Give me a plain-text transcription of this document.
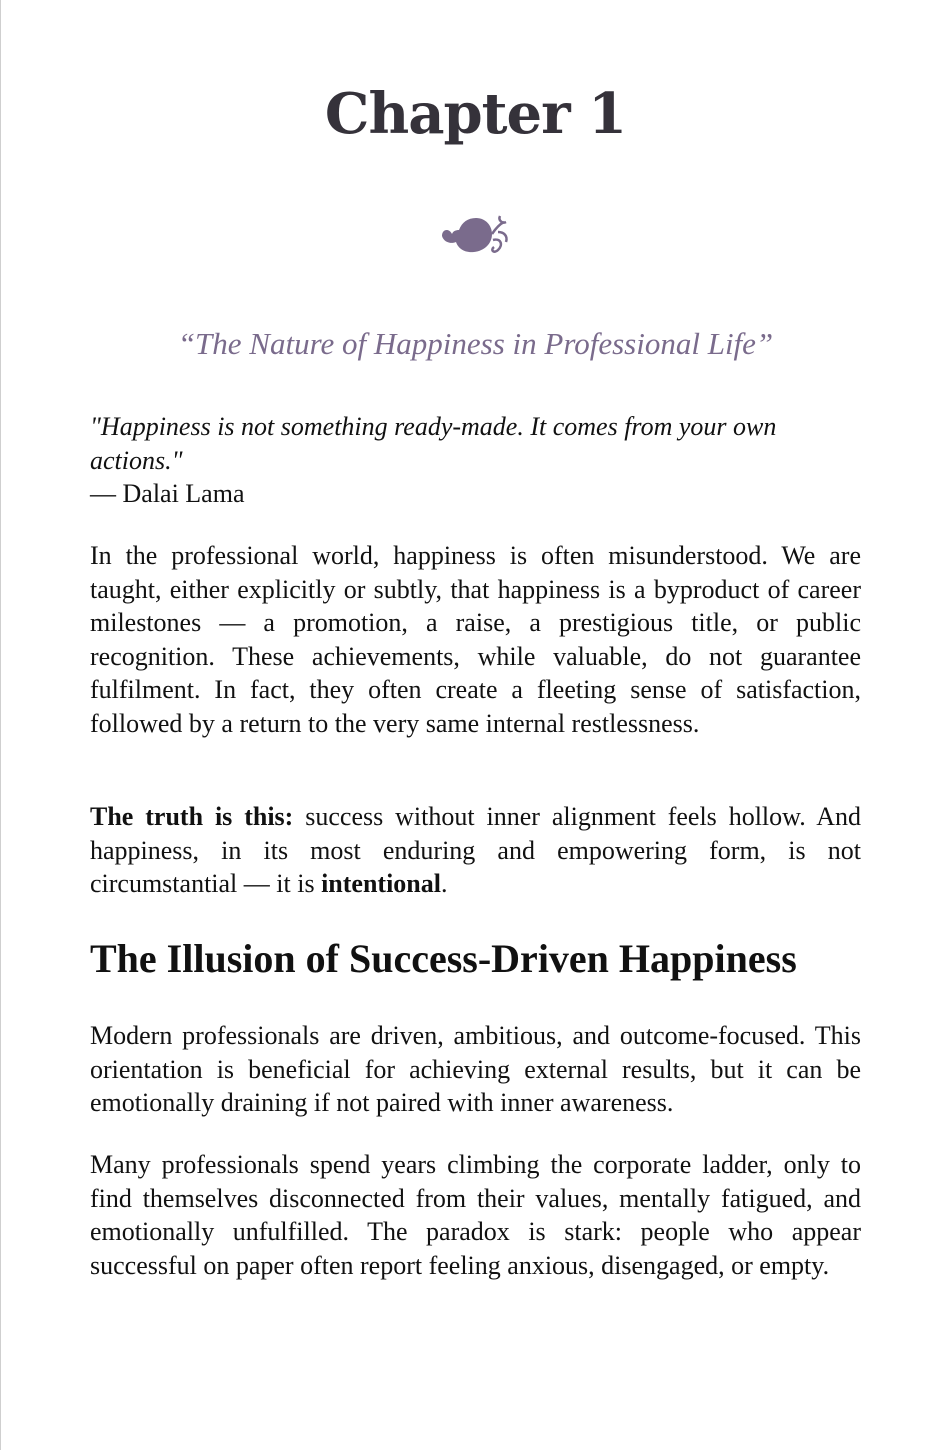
Chapter 1

“The Nature of Happiness in Professional Life”

"Happiness is not something ready-made. It comes from your own actions."
— Dalai Lama

In the professional world, happiness is often misunderstood. We are taught, either explicitly or subtly, that happiness is a byproduct of career milestones — a promotion, a raise, a prestigious title, or public recognition. These achievements, while valuable, do not guarantee fulfilment. In fact, they often create a fleeting sense of satisfaction, followed by a return to the very same internal restlessness.

The truth is this: success without inner alignment feels hollow. And happiness, in its most enduring and empowering form, is not circumstantial — it is intentional.

The Illusion of Success-Driven Happiness

Modern professionals are driven, ambitious, and outcome-focused. This orientation is beneficial for achieving external results, but it can be emotionally draining if not paired with inner awareness.

Many professionals spend years climbing the corporate ladder, only to find themselves disconnected from their values, mentally fatigued, and emotionally unfulfilled. The paradox is stark: people who appear successful on paper often report feeling anxious, disengaged, or empty.
